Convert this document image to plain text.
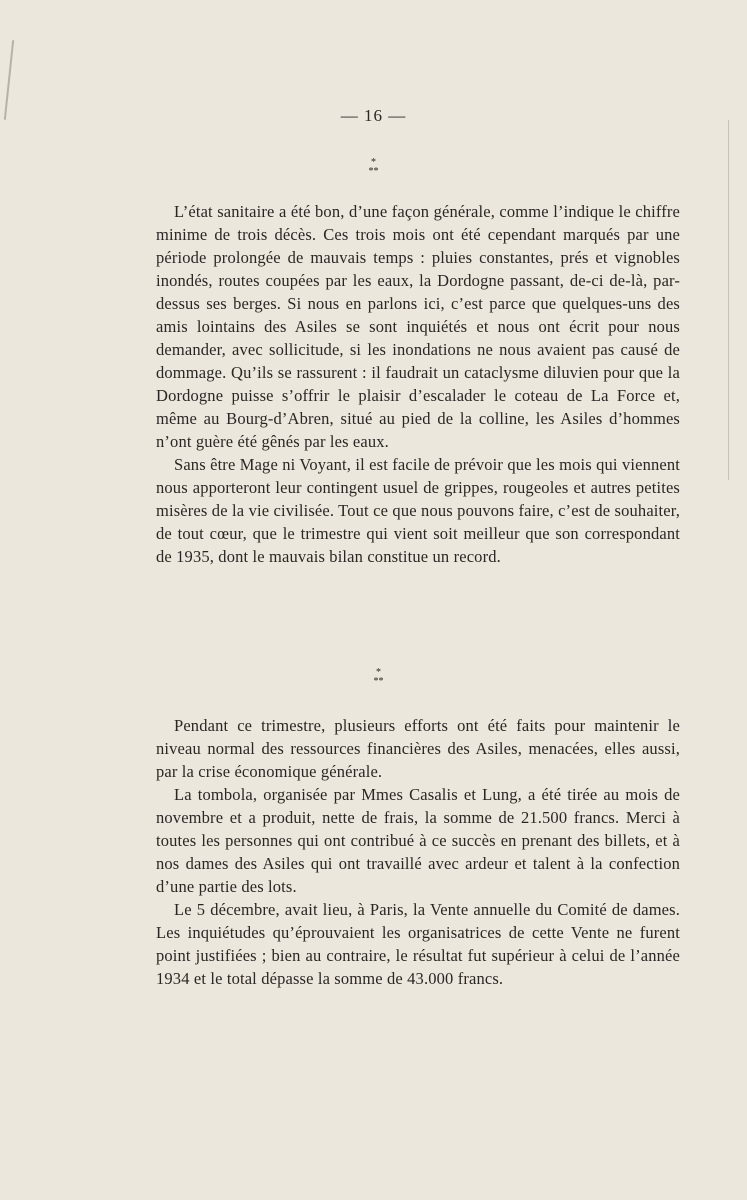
— 16 —
*
**

L’état sanitaire a été bon, d’une façon générale, comme l’indique le chiffre minime de trois décès. Ces trois mois ont été cependant marqués par une période prolongée de mauvais temps : pluies constantes, prés et vignobles inondés, routes coupées par les eaux, la Dordogne passant, de-ci de-là, par-dessus ses berges. Si nous en parlons ici, c’est parce que quelques-uns des amis lointains des Asiles se sont inquiétés et nous ont écrit pour nous demander, avec sollicitude, si les inondations ne nous avaient pas causé de dommage. Qu’ils se rassurent : il faudrait un cataclysme diluvien pour que la Dordogne puisse s’offrir le plaisir d’escalader le coteau de La Force et, même au Bourg-d’Abren, situé au pied de la colline, les Asiles d’hommes n’ont guère été gênés par les eaux.

Sans être Mage ni Voyant, il est facile de prévoir que les mois qui viennent nous apporteront leur contingent usuel de grippes, rougeoles et autres petites misères de la vie civilisée. Tout ce que nous pouvons faire, c’est de souhaiter, de tout cœur, que le trimestre qui vient soit meilleur que son correspondant de 1935, dont le mauvais bilan constitue un record.

*
**

Pendant ce trimestre, plusieurs efforts ont été faits pour maintenir le niveau normal des ressources financières des Asiles, menacées, elles aussi, par la crise économique générale.

La tombola, organisée par Mmes Casalis et Lung, a été tirée au mois de novembre et a produit, nette de frais, la somme de 21.500 francs. Merci à toutes les personnes qui ont contribué à ce succès en prenant des billets, et à nos dames des Asiles qui ont travaillé avec ardeur et talent à la confection d’une partie des lots.

Le 5 décembre, avait lieu, à Paris, la Vente annuelle du Comité de dames. Les inquiétudes qu’éprouvaient les organisatrices de cette Vente ne furent point justifiées ; bien au contraire, le résultat fut supérieur à celui de l’année 1934 et le total dépasse la somme de 43.000 francs.
